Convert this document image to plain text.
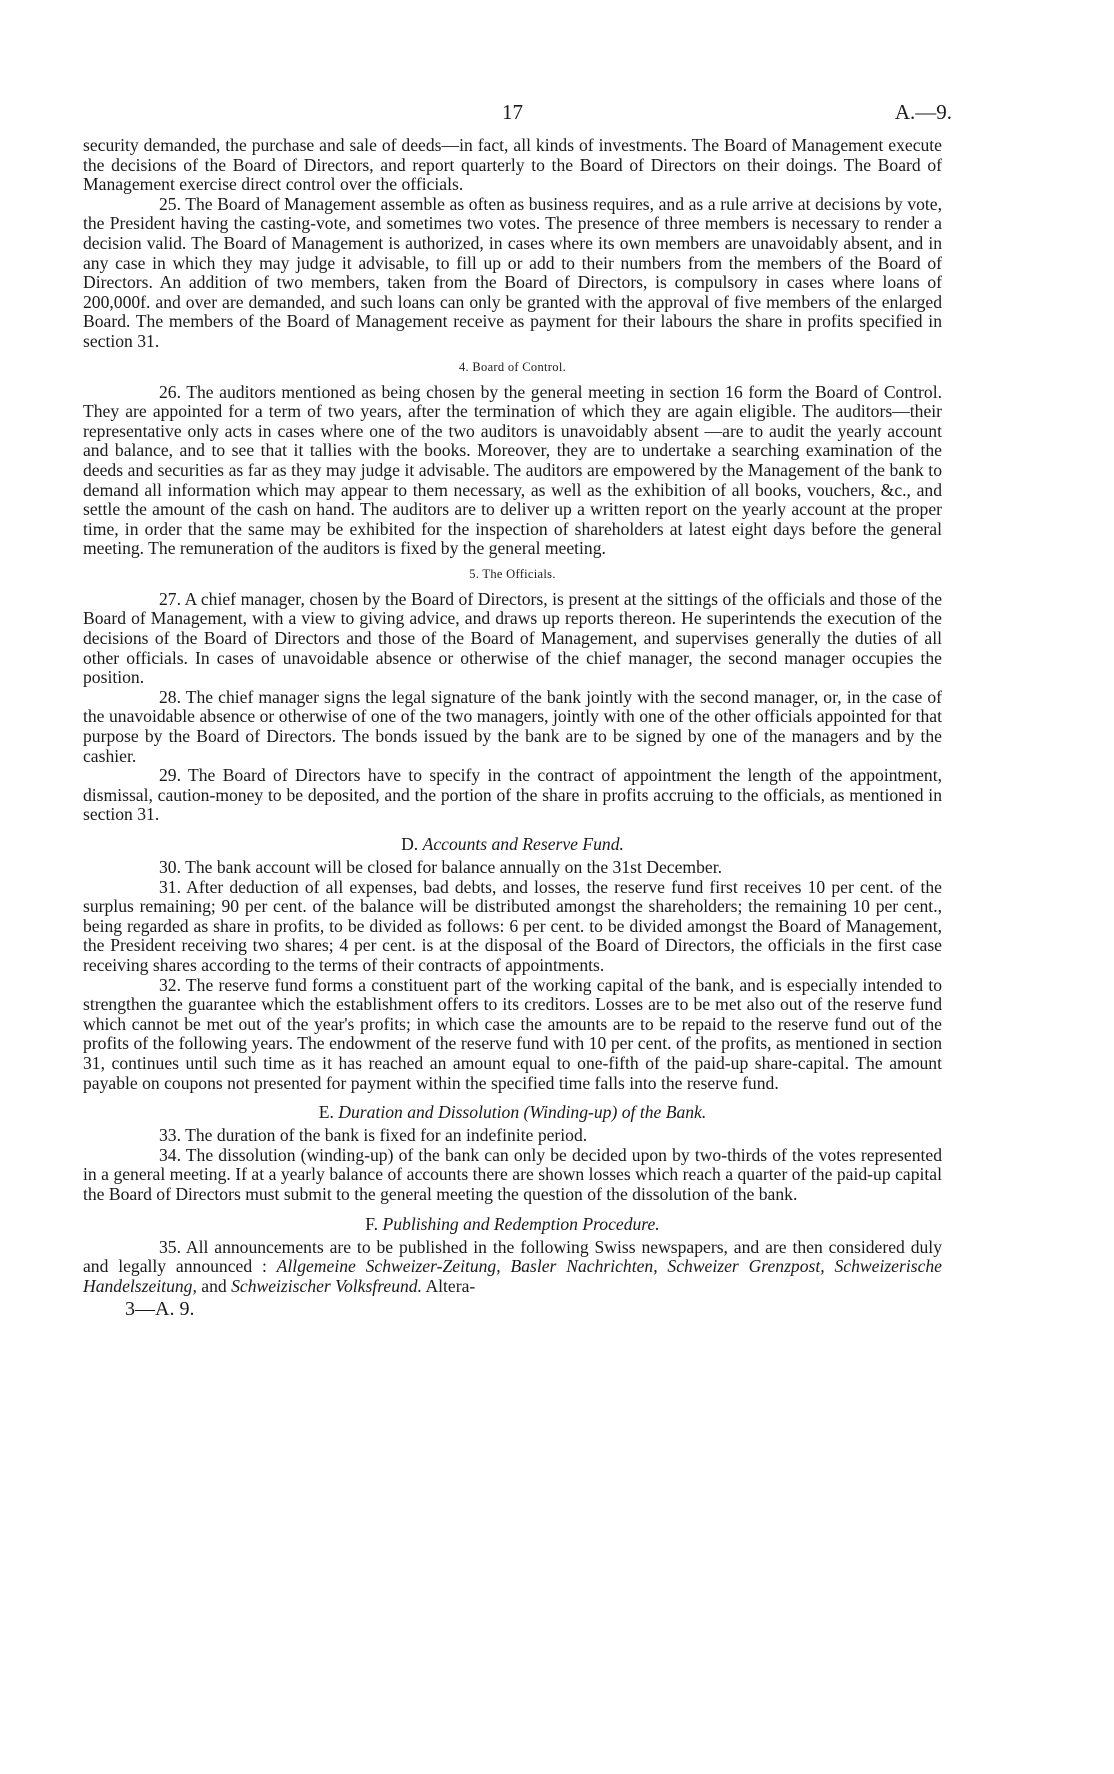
17	A.—9.

security demanded, the purchase and sale of deeds—in fact, all kinds of investments. The Board of Management execute the decisions of the Board of Directors, and report quarterly to the Board of Directors on their doings. The Board of Management exercise direct control over the officials.

25. The Board of Management assemble as often as business requires, and as a rule arrive at decisions by vote, the President having the casting-vote, and sometimes two votes. The presence of three members is necessary to render a decision valid. The Board of Management is authorized, in cases where its own members are unavoidably absent, and in any case in which they may judge it advisable, to fill up or add to their numbers from the members of the Board of Directors. An addition of two members, taken from the Board of Directors, is compulsory in cases where loans of 200,000f. and over are demanded, and such loans can only be granted with the approval of five members of the enlarged Board. The members of the Board of Management receive as payment for their labours the share in profits specified in section 31.

4. Board of Control.

26. The auditors mentioned as being chosen by the general meeting in section 16 form the Board of Control. They are appointed for a term of two years, after the termination of which they are again eligible. The auditors—their representative only acts in cases where one of the two auditors is unavoidably absent —are to audit the yearly account and balance, and to see that it tallies with the books. Moreover, they are to undertake a searching examination of the deeds and securities as far as they may judge it advisable. The auditors are empowered by the Management of the bank to demand all information which may appear to them necessary, as well as the exhibition of all books, vouchers, &c., and settle the amount of the cash on hand. The auditors are to deliver up a written report on the yearly account at the proper time, in order that the same may be exhibited for the inspection of shareholders at latest eight days before the general meeting. The remuneration of the auditors is fixed by the general meeting.

5. The Officials.

27. A chief manager, chosen by the Board of Directors, is present at the sittings of the officials and those of the Board of Management, with a view to giving advice, and draws up reports thereon. He superintends the execution of the decisions of the Board of Directors and those of the Board of Management, and supervises generally the duties of all other officials. In cases of unavoidable absence or otherwise of the chief manager, the second manager occupies the position.

28. The chief manager signs the legal signature of the bank jointly with the second manager, or, in the case of the unavoidable absence or otherwise of one of the two managers, jointly with one of the other officials appointed for that purpose by the Board of Directors. The bonds issued by the bank are to be signed by one of the managers and by the cashier.

29. The Board of Directors have to specify in the contract of appointment the length of the appointment, dismissal, caution-money to be deposited, and the portion of the share in profits accruing to the officials, as mentioned in section 31.

D. Accounts and Reserve Fund.

30. The bank account will be closed for balance annually on the 31st December.

31. After deduction of all expenses, bad debts, and losses, the reserve fund first receives 10 per cent. of the surplus remaining; 90 per cent. of the balance will be distributed amongst the shareholders; the remaining 10 per cent., being regarded as share in profits, to be divided as follows: 6 per cent. to be divided amongst the Board of Management, the President receiving two shares; 4 per cent. is at the disposal of the Board of Directors, the officials in the first case receiving shares according to the terms of their contracts of appointments.

32. The reserve fund forms a constituent part of the working capital of the bank, and is especially intended to strengthen the guarantee which the establishment offers to its creditors. Losses are to be met also out of the reserve fund which cannot be met out of the year's profits; in which case the amounts are to be repaid to the reserve fund out of the profits of the following years. The endowment of the reserve fund with 10 per cent. of the profits, as mentioned in section 31, continues until such time as it has reached an amount equal to one-fifth of the paid-up share-capital. The amount payable on coupons not presented for payment within the specified time falls into the reserve fund.

E. Duration and Dissolution (Winding-up) of the Bank.

33. The duration of the bank is fixed for an indefinite period.

34. The dissolution (winding-up) of the bank can only be decided upon by two-thirds of the votes represented in a general meeting. If at a yearly balance of accounts there are shown losses which reach a quarter of the paid-up capital the Board of Directors must submit to the general meeting the question of the dissolution of the bank.

F. Publishing and Redemption Procedure.

35. All announcements are to be published in the following Swiss newspapers, and are then considered duly and legally announced : Allgemeine Schweizer-Zeitung, Basler Nachrichten, Schweizer Grenzpost, Schweizerische Handelszeitung, and Schweizischer Volksfreund. Altera-

3—A. 9.
